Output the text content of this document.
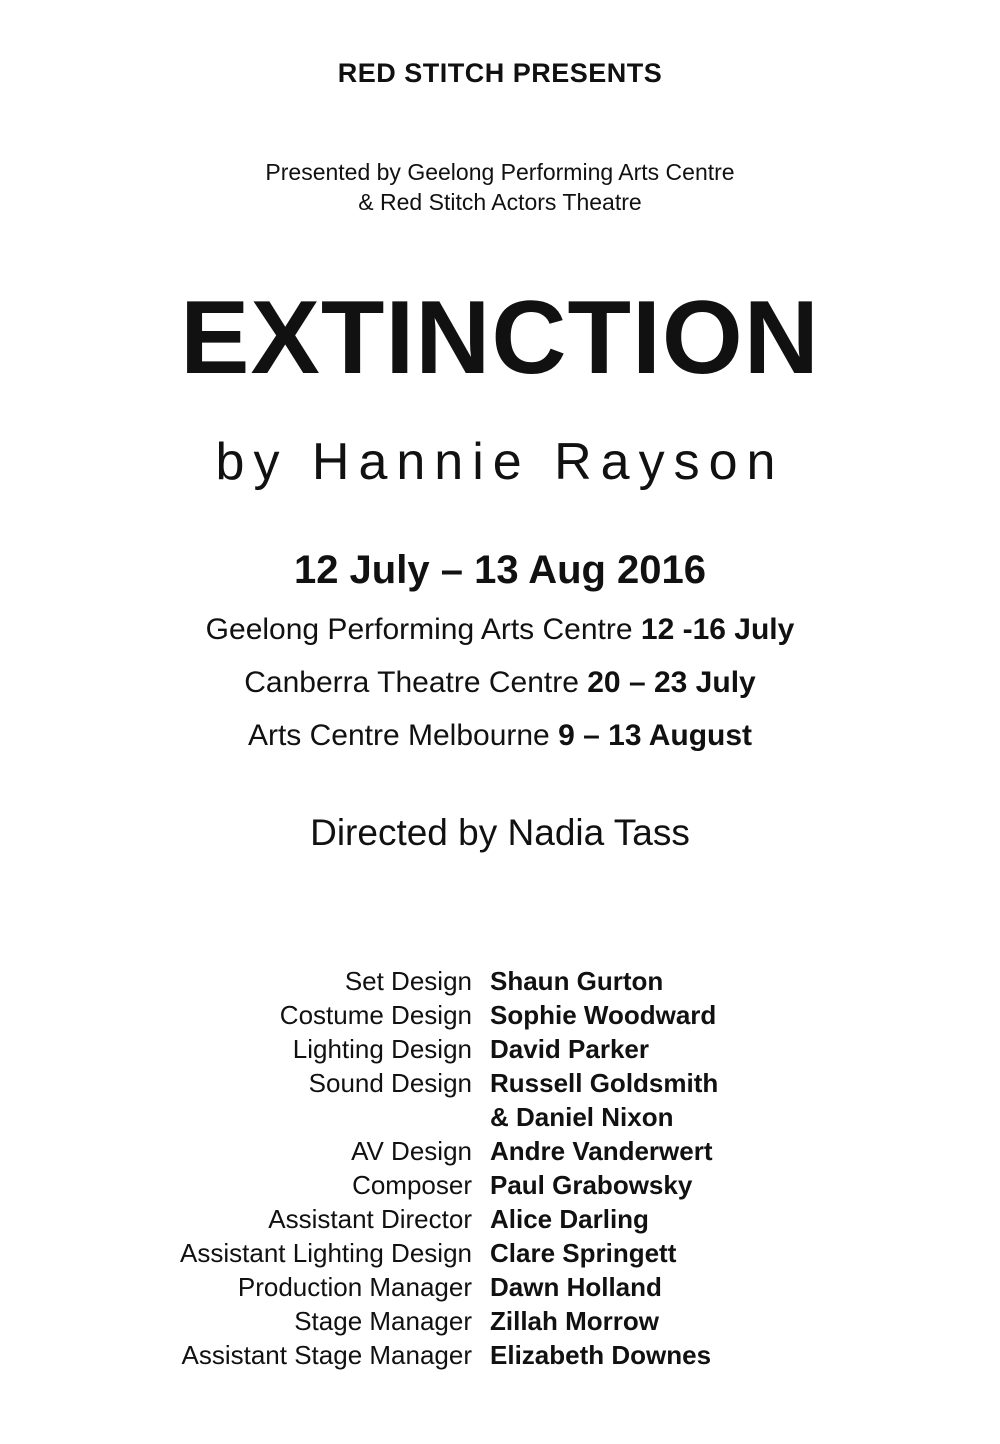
RED STITCH PRESENTS
Presented by Geelong Performing Arts Centre
& Red Stitch Actors Theatre
EXTINCTION
by Hannie Rayson
12 July – 13 Aug 2016
Geelong Performing Arts Centre 12 -16 July
Canberra Theatre Centre 20 – 23 July
Arts Centre Melbourne 9 – 13 August
Directed by Nadia Tass
Set Design Shaun Gurton
Costume Design Sophie Woodward
Lighting Design David Parker
Sound Design Russell Goldsmith
& Daniel Nixon
AV Design Andre Vanderwert
Composer Paul Grabowsky
Assistant Director Alice Darling
Assistant Lighting Design Clare Springett
Production Manager Dawn Holland
Stage Manager Zillah Morrow
Assistant Stage Manager Elizabeth Downes
